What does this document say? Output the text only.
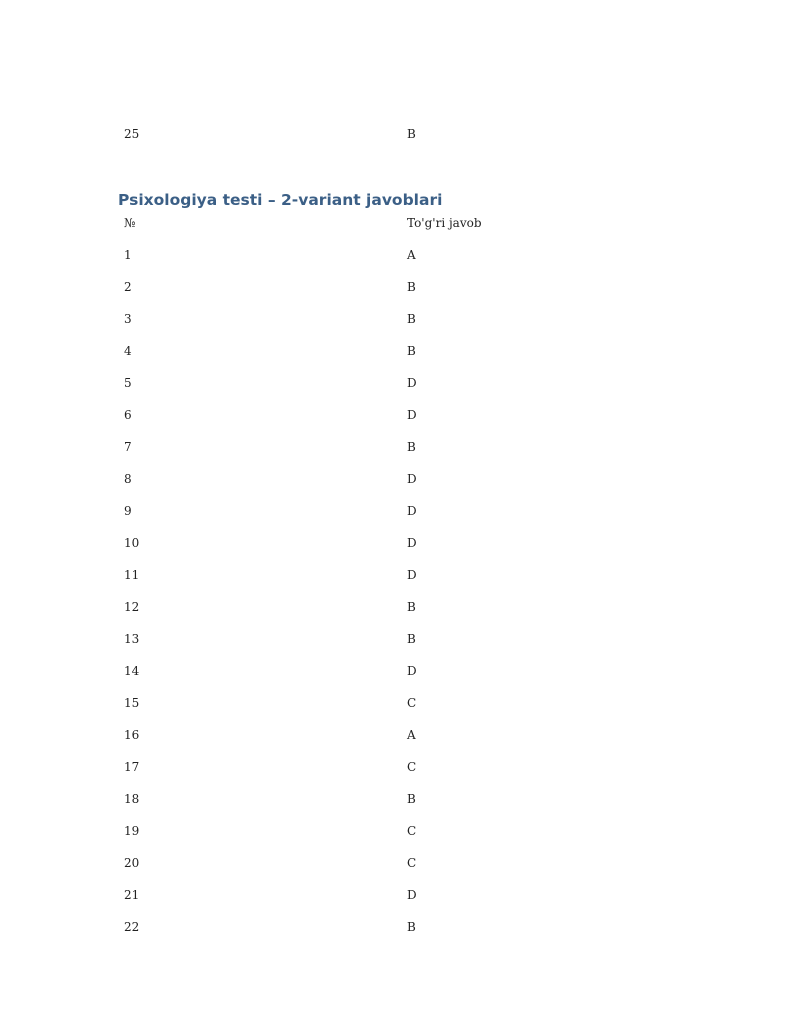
25	B
Psixologiya testi – 2-variant javoblari
№	To'g'ri javob
1	A
2	B
3	B
4	B
5	D
6	D
7	B
8	D
9	D
10	D
11	D
12	B
13	B
14	D
15	C
16	A
17	C
18	B
19	C
20	C
21	D
22	B
